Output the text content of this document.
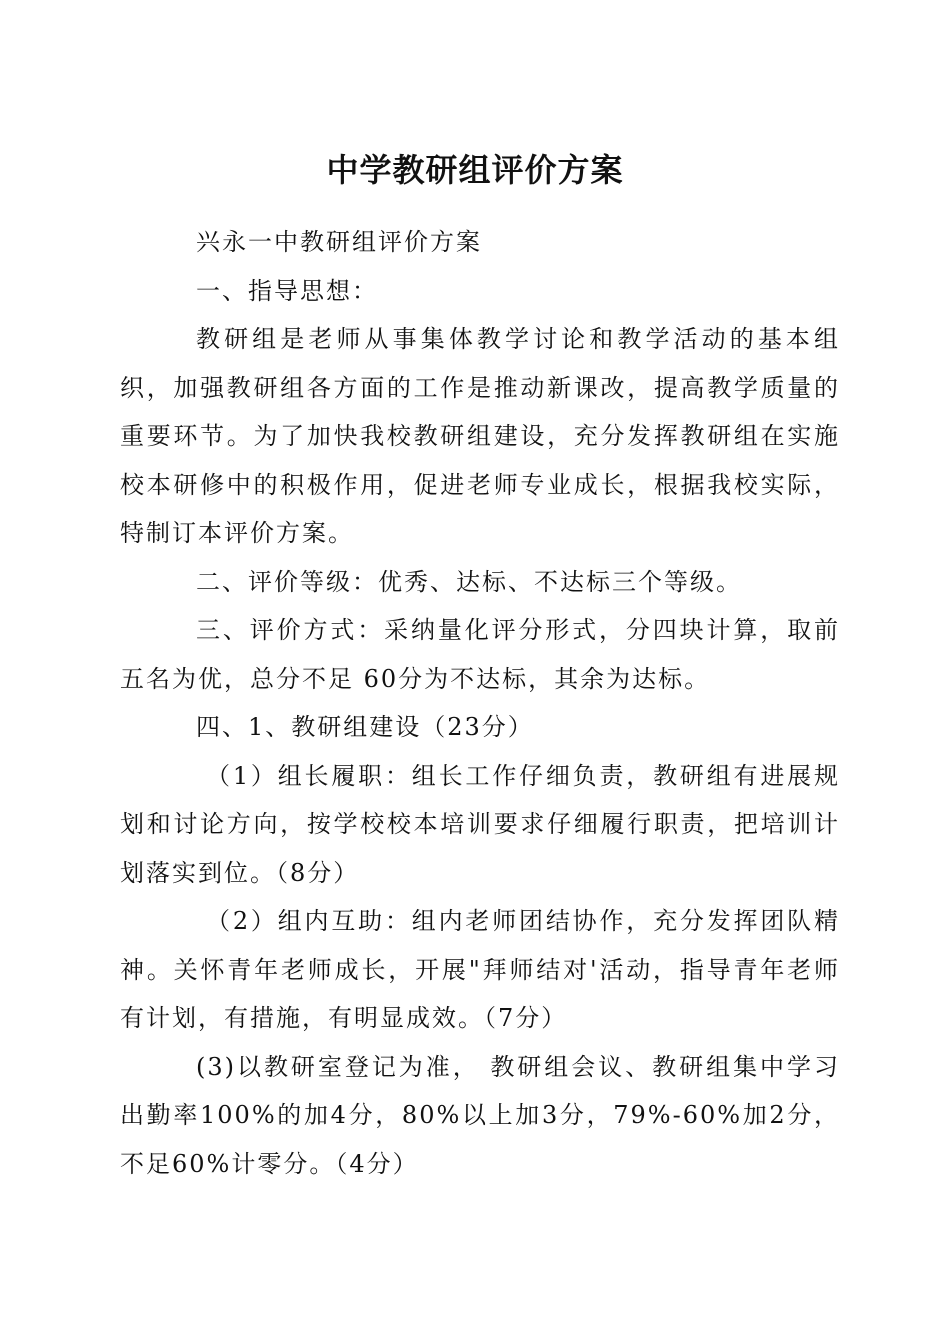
中学教研组评价方案

兴永一中教研组评价方案

一、指导思想：

教研组是老师从事集体教学讨论和教学活动的基本组织，加强教研组各方面的工作是推动新课改，提高教学质量的重要环节。为了加快我校教研组建设，充分发挥教研组在实施校本研修中的积极作用，促进老师专业成长，根据我校实际，特制订本评价方案。

二、评价等级：优秀、达标、不达标三个等级。

三、评价方式：采纳量化评分形式，分四块计算，取前五名为优，总分不足 60分为不达标，其余为达标。

四、1、教研组建设（23分）

（1）组长履职：组长工作仔细负责，教研组有进展规划和讨论方向，按学校校本培训要求仔细履行职责，把培训计划落实到位。（8分）

（2）组内互助：组内老师团结协作，充分发挥团队精神。关怀青年老师成长，开展"拜师结对'活动，指导青年老师有计划，有措施，有明显成效。（7分）

(3)以教研室登记为准， 教研组会议、教研组集中学习出勤率100%的加4分，80%以上加3分，79%-60%加2分，不足60%计零分。（4分）
